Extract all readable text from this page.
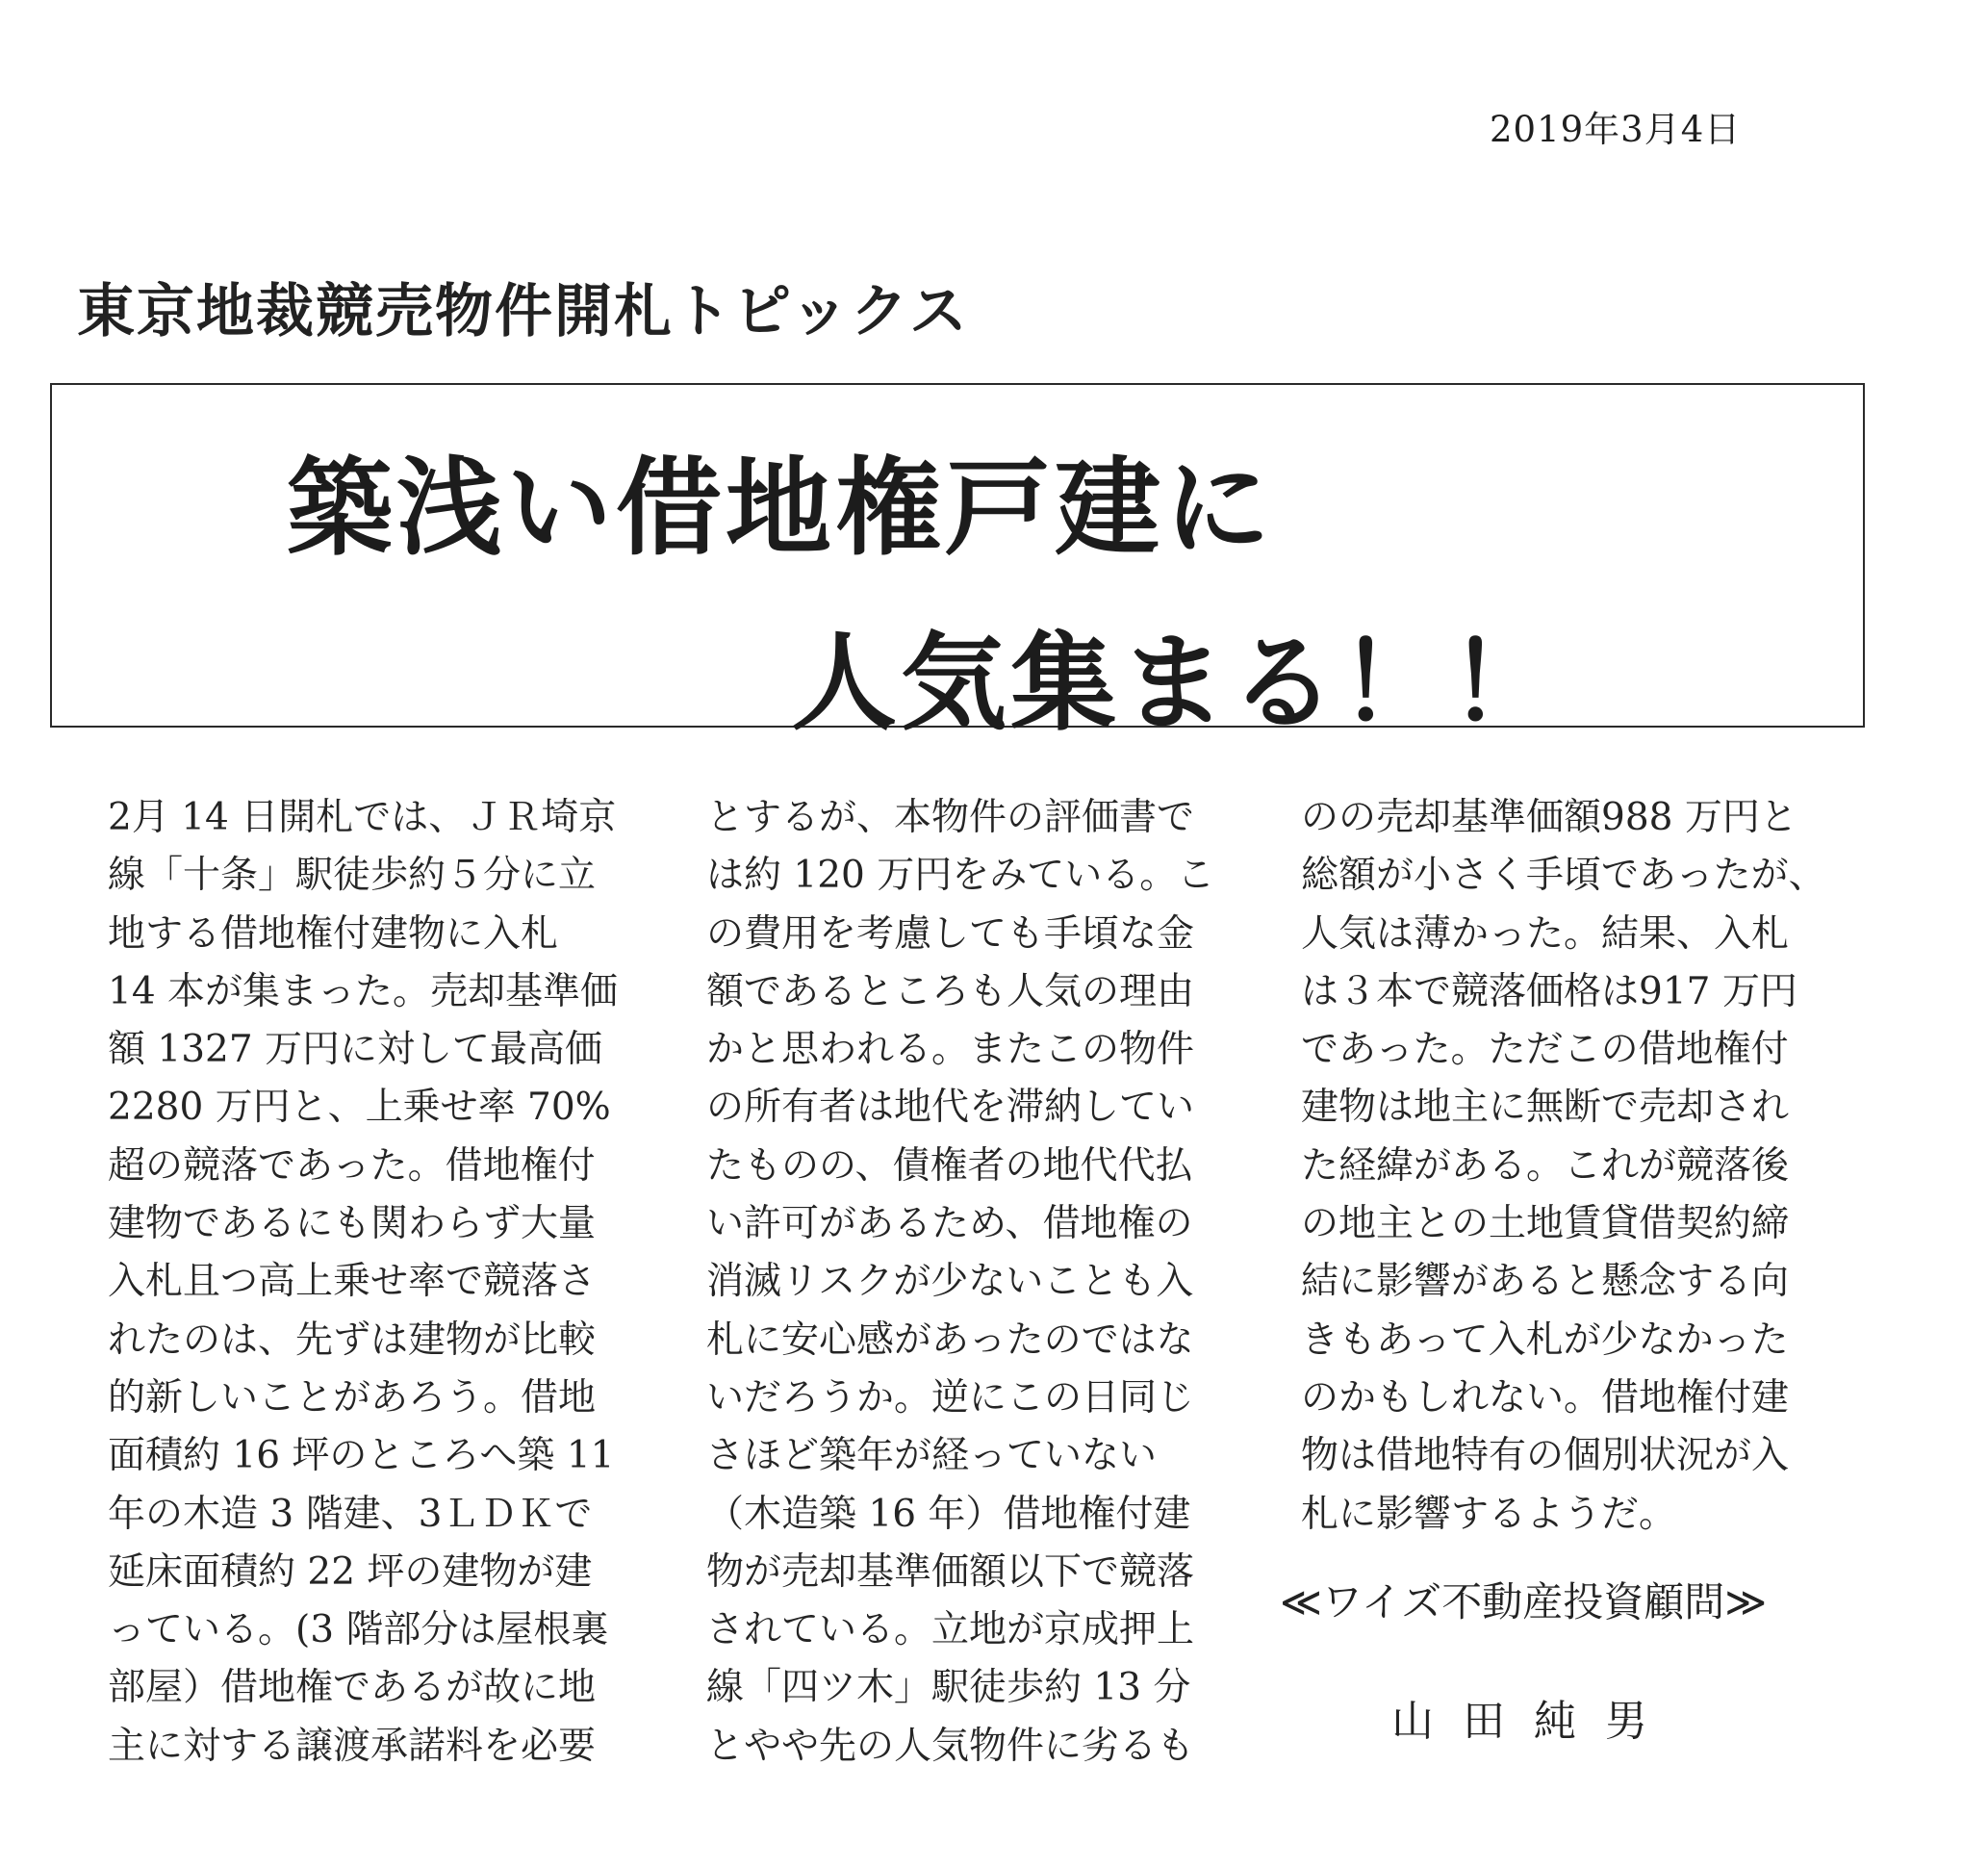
2019年3月4日
東京地裁競売物件開札トピックス
築浅い借地権戸建に
人気集まる！！
2月 14 日開札では、ＪＲ埼京
線「十条」駅徒歩約５分に立
地する借地権付建物に入札
14 本が集まった。売却基準価
額 1327 万円に対して最高価
2280 万円と、上乗せ率 70%
超の競落であった。借地権付
建物であるにも関わらず大量
入札且つ高上乗せ率で競落さ
れたのは、先ずは建物が比較
的新しいことがあろう。借地
面積約 16 坪のところへ築 11
年の木造 3 階建、3ＬＤＫで
延床面積約 22 坪の建物が建
っている。(3 階部分は屋根裏
部屋）借地権であるが故に地
主に対する譲渡承諾料を必要
とするが、本物件の評価書で
は約 120 万円をみている。こ
の費用を考慮しても手頃な金
額であるところも人気の理由
かと思われる。またこの物件
の所有者は地代を滞納してい
たものの、債権者の地代代払
い許可があるため、借地権の
消滅リスクが少ないことも入
札に安心感があったのではな
いだろうか。逆にこの日同じ
さほど築年が経っていない
（木造築 16 年）借地権付建
物が売却基準価額以下で競落
されている。立地が京成押上
線「四ツ木」駅徒歩約 13 分
とやや先の人気物件に劣るも
のの売却基準価額988 万円と
総額が小さく手頃であったが、
人気は薄かった。結果、入札
は３本で競落価格は917 万円
であった。ただこの借地権付
建物は地主に無断で売却され
た経緯がある。これが競落後
の地主との土地賃貸借契約締
結に影響があると懸念する向
きもあって入札が少なかった
のかもしれない。借地権付建
物は借地特有の個別状況が入
札に影響するようだ。
≪ワイズ不動産投資顧問≫
山田純男
